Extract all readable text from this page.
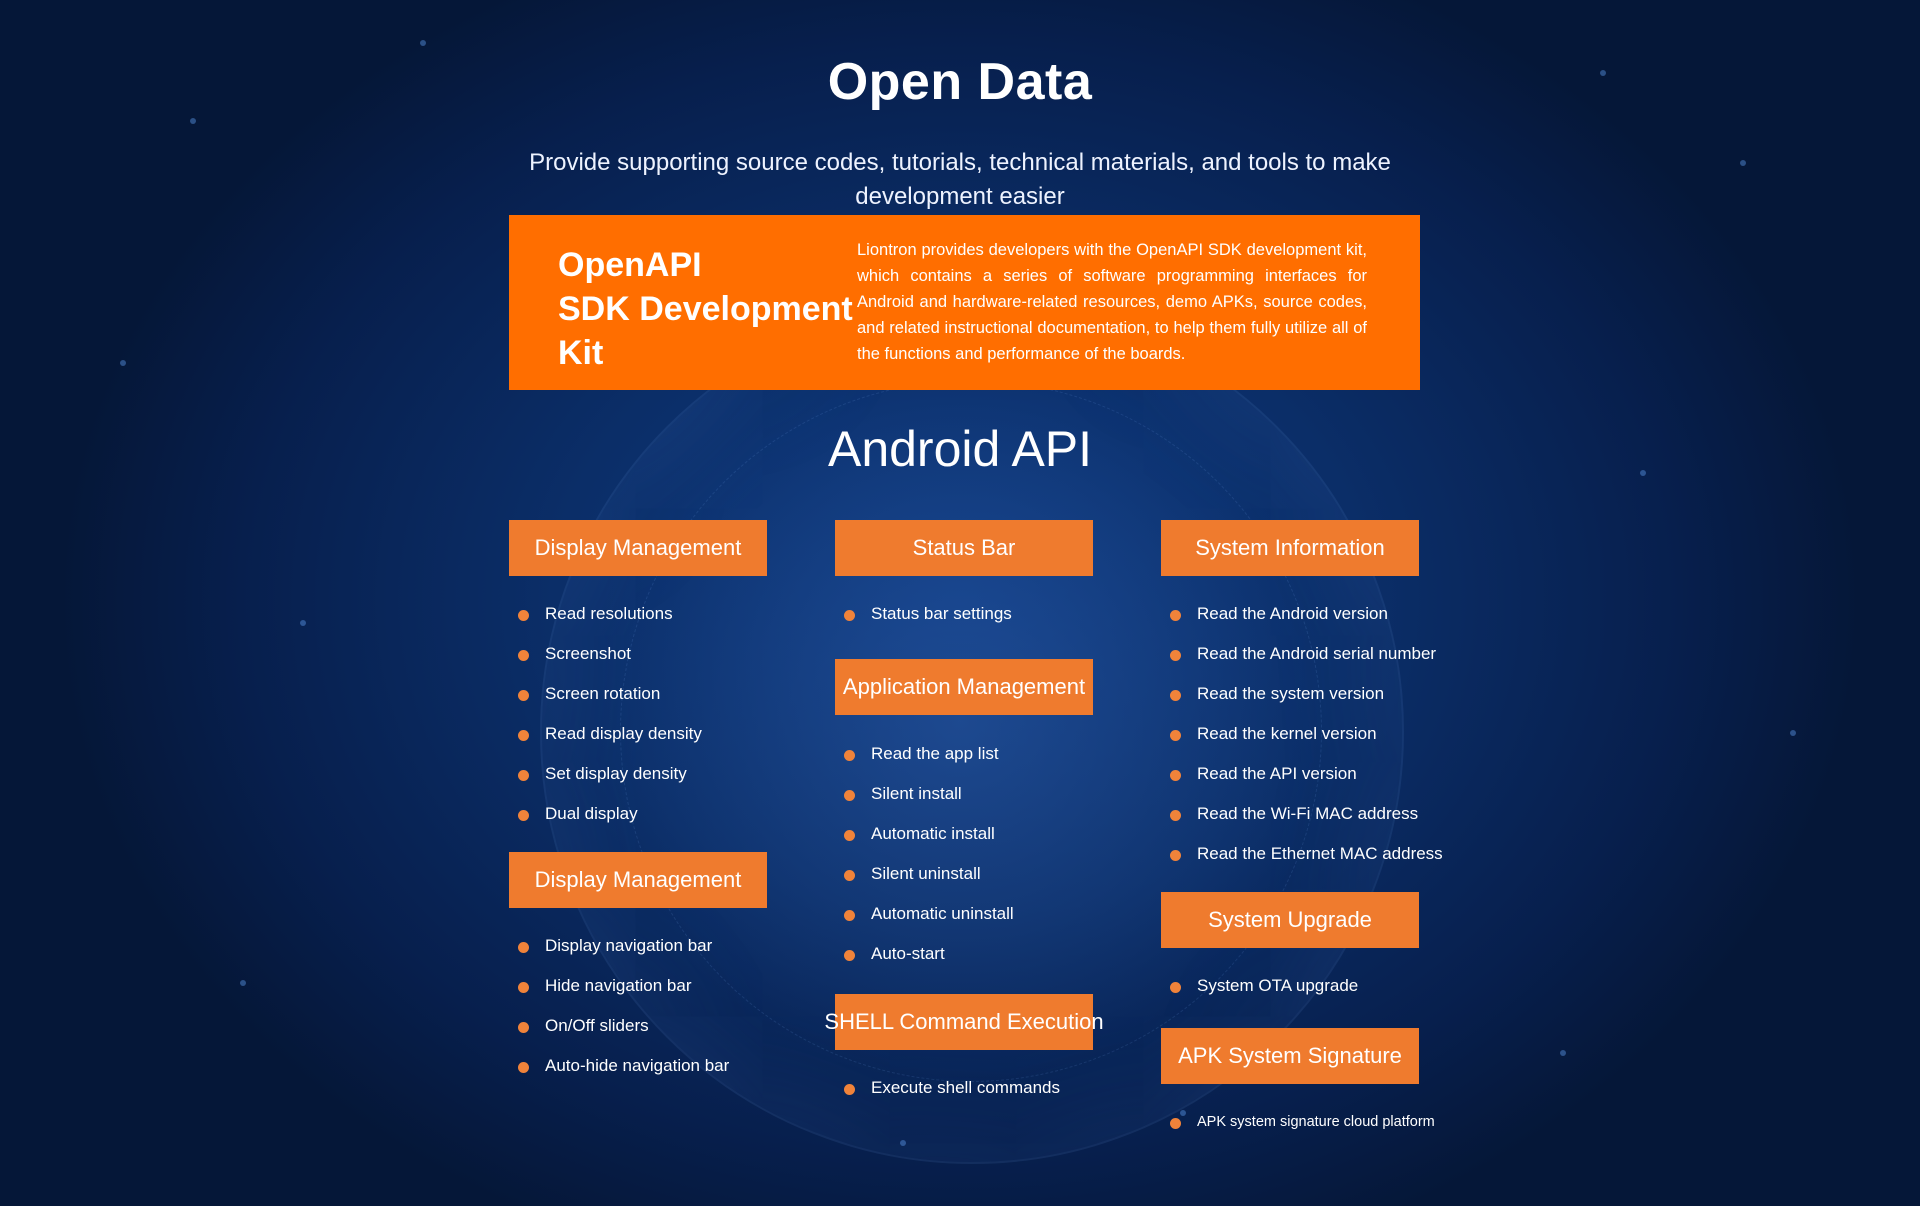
Open Data
Provide supporting source codes, tutorials, technical materials, and tools to make development easier
OpenAPI
SDK Development
Kit
Liontron provides developers with the OpenAPI SDK development kit, which contains a series of software programming interfaces for Android and hardware-related resources, demo APKs, source codes, and related instructional documentation, to help them fully utilize all of the functions and performance of the boards.
Android API
Display Management
Read resolutions
Screenshot
Screen rotation
Read display density
Set display density
Dual display
Display Management
Display navigation bar
Hide navigation bar
On/Off sliders
Auto-hide navigation bar
Status Bar
Status bar settings
Application Management
Read the app list
Silent install
Automatic install
Silent uninstall
Automatic uninstall
Auto-start
SHELL Command Execution
Execute shell commands
System Information
Read the Android version
Read the Android serial number
Read the system version
Read the kernel version
Read the API version
Read the Wi-Fi MAC address
Read the Ethernet MAC address
System Upgrade
System OTA upgrade
APK System Signature
APK system signature cloud platform
